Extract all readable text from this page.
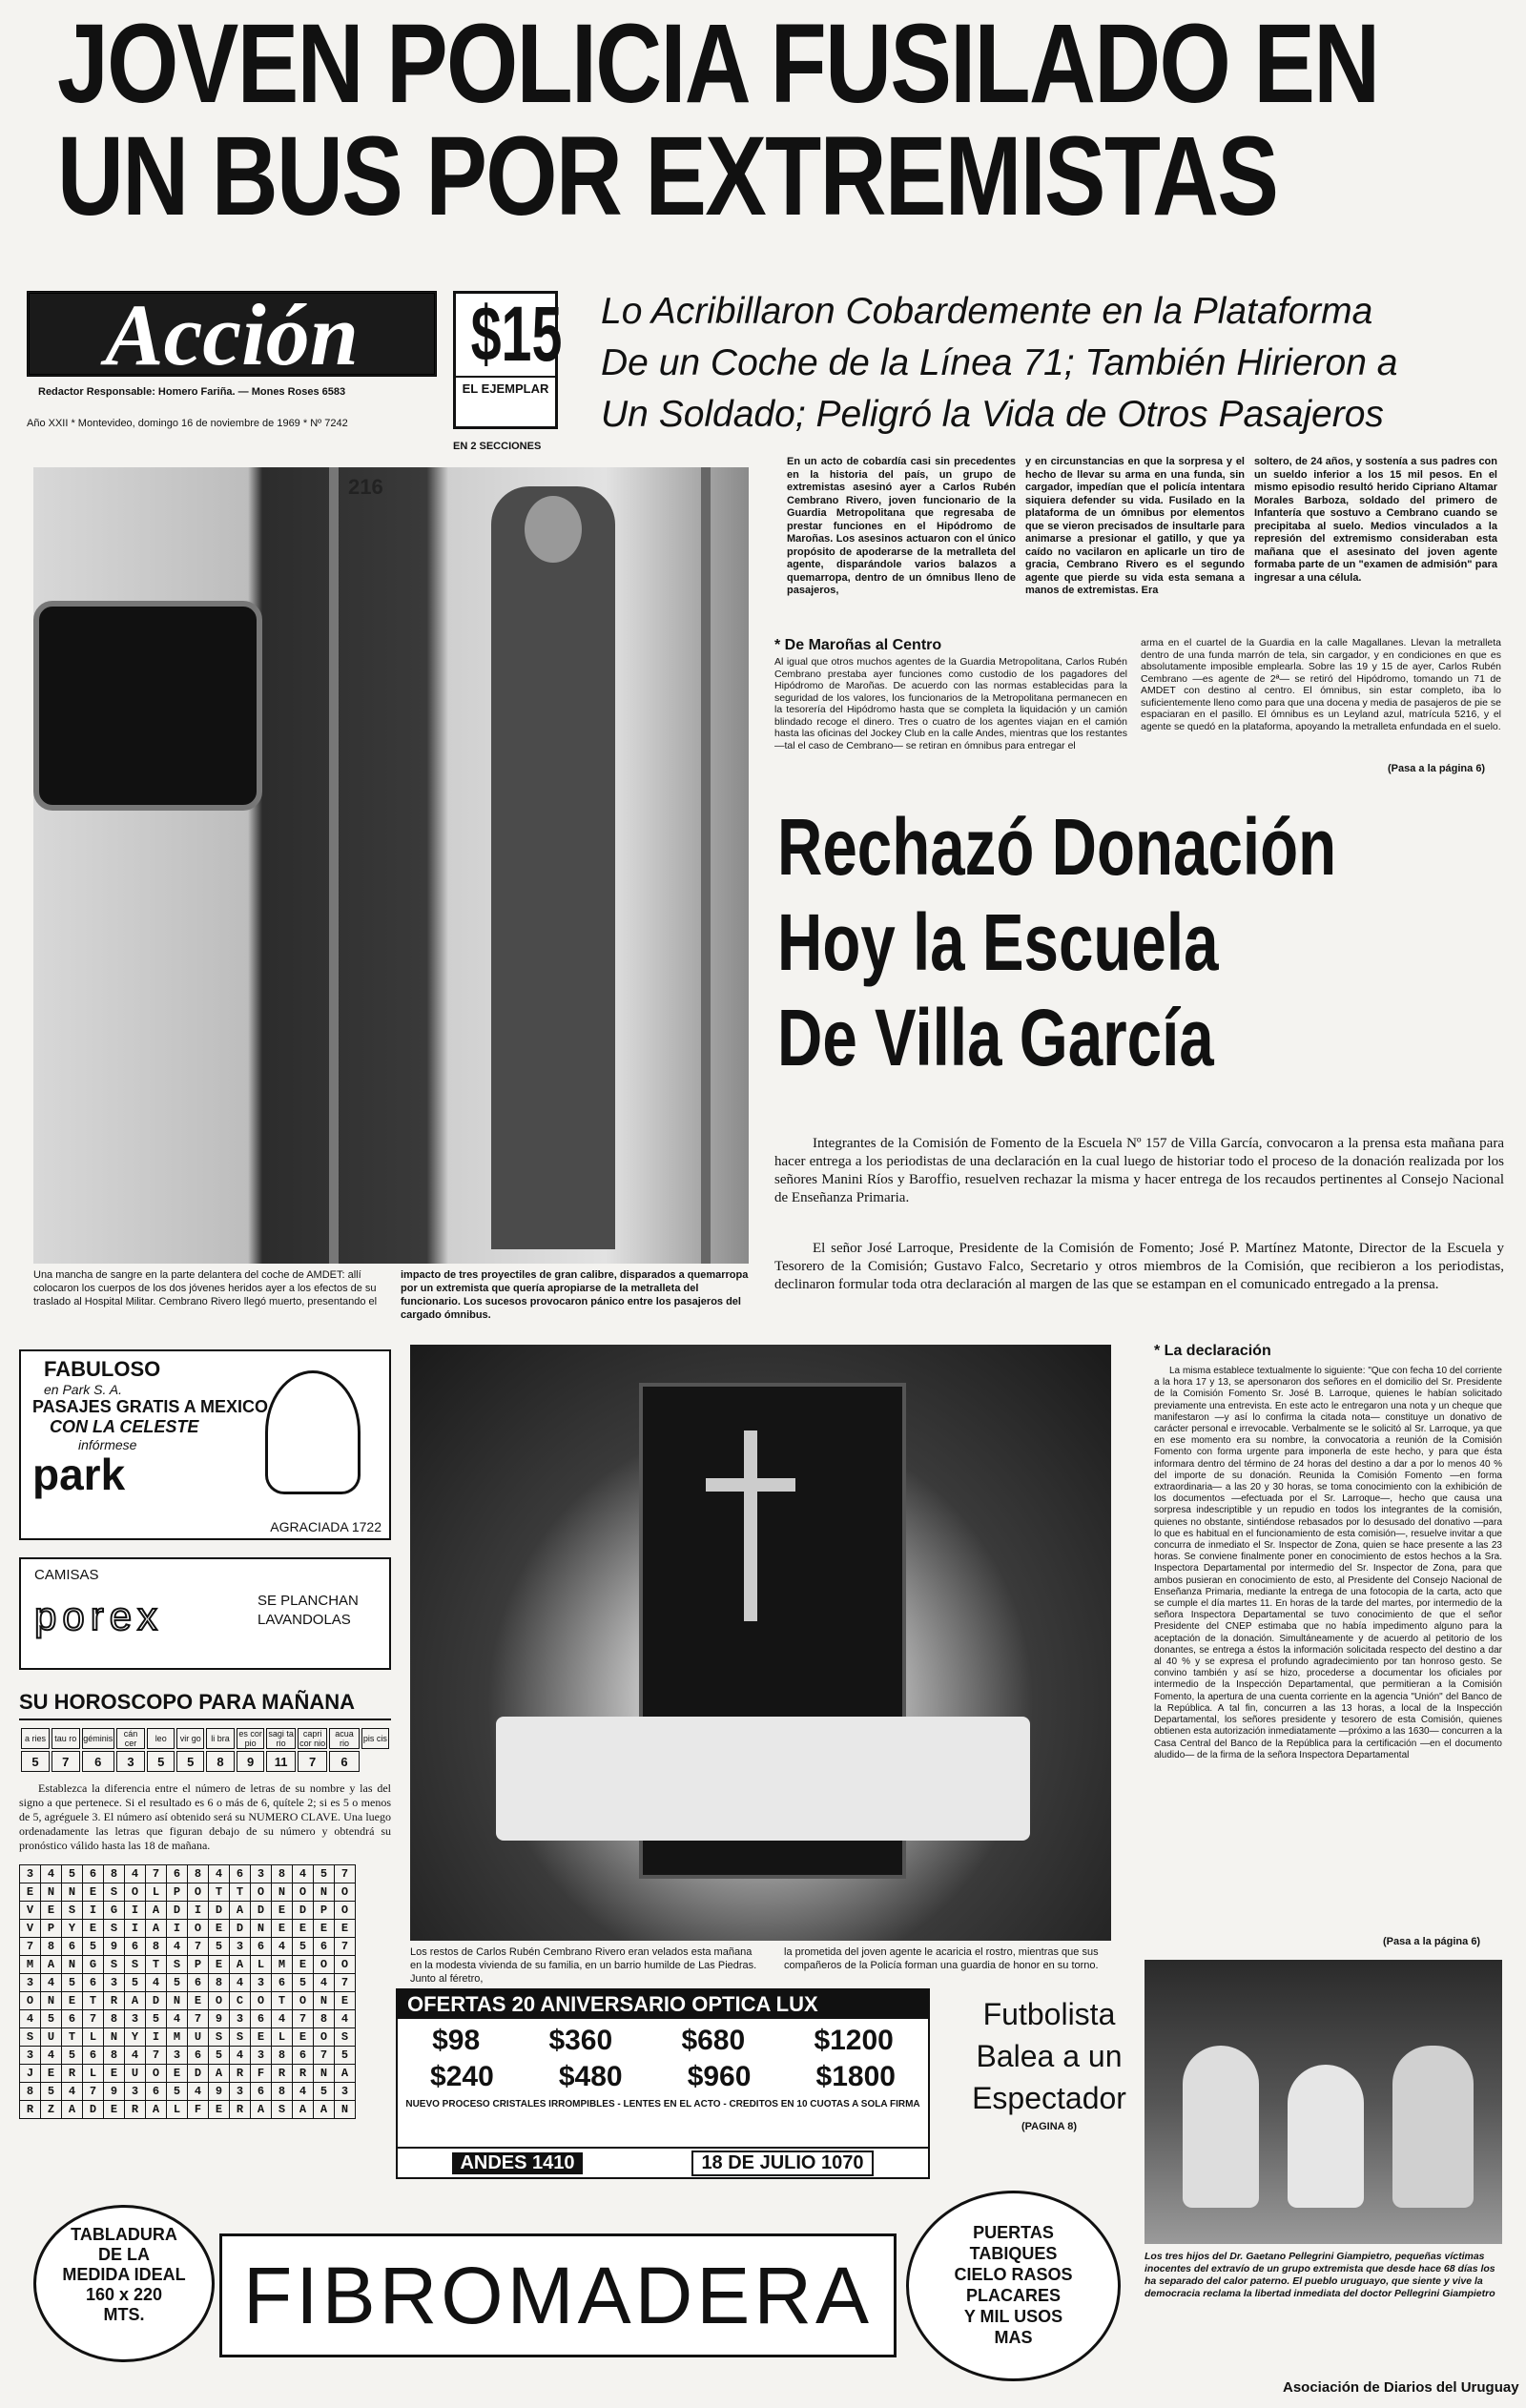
JOVEN POLICIA FUSILADO EN
UN BUS POR EXTREMISTAS
Acción
Redactor Responsable: Homero Fariña. — Mones Roses 6583
Año XXII * Montevideo, domingo 16 de noviembre de 1969 * Nº 7242
$15
EL EJEMPLAR
EN 2 SECCIONES
Lo Acribillaron Cobardemente en la Plataforma
De un Coche de la Línea 71; También Hirieron a
Un Soldado; Peligró la Vida de Otros Pasajeros
216
En un acto de cobardía casi sin precedentes en la historia del país, un grupo de extremistas asesinó ayer a Carlos Rubén Cembrano Rivero, joven funcionario de la Guardia Metropolitana que regresaba de prestar funciones en el Hipódromo de Maroñas. Los asesinos actuaron con el único propósito de apoderarse de la metralleta del agente, disparándole varios balazos a quemarropa, dentro de un ómnibus lleno de pasajeros,
y en circunstancias en que la sorpresa y el hecho de llevar su arma en una funda, sin cargador, impedían que el policía intentara siquiera defender su vida. Fusilado en la plataforma de un ómnibus por elementos que se vieron precisados de insultarle para animarse a presionar el gatillo, y que ya caído no vacilaron en aplicarle un tiro de gracia, Cembrano Rivero es el segundo agente que pierde su vida esta semana a manos de extremistas. Era
soltero, de 24 años, y sostenía a sus padres con un sueldo inferior a los 15 mil pesos. En el mismo episodio resultó herido Cipriano Altamar Morales Barboza, soldado del primero de Infantería que sostuvo a Cembrano cuando se precipitaba al suelo. Medios vinculados a la represión del extremismo consideraban esta mañana que el asesinato del joven agente formaba parte de un "examen de admisión" para ingresar a una célula.
* De Maroñas al Centro
Al igual que otros muchos agentes de la Guardia Metropolitana, Carlos Rubén Cembrano prestaba ayer funciones como custodio de los pagadores del Hipódromo de Maroñas. De acuerdo con las normas establecidas para la seguridad de los valores, los funcionarios de la Metropolitana permanecen en la tesorería del Hipódromo hasta que se completa la liquidación y un camión blindado recoge el dinero. Tres o cuatro de los agentes viajan en el camión hasta las oficinas del Jockey Club en la calle Andes, mientras que los restantes —tal el caso de Cembrano— se retiran en ómnibus para entregar el
arma en el cuartel de la Guardia en la calle Magallanes. Llevan la metralleta dentro de una funda marrón de tela, sin cargador, y en condiciones en que es absolutamente imposible emplearla. Sobre las 19 y 15 de ayer, Carlos Rubén Cembrano —es agente de 2ª— se retiró del Hipódromo, tomando un 71 de AMDET con destino al centro. El ómnibus, sin estar completo, iba lo suficientemente lleno como para que una docena y media de pasajeros de pie se espaciaran en el pasillo. El ómnibus es un Leyland azul, matrícula 5216, y el agente se quedó en la plataforma, apoyando la metralleta enfundada en el suelo.
(Pasa a la página 6)
Rechazó Donación
Hoy la Escuela
De Villa García
Integrantes de la Comisión de Fomento de la Escuela Nº 157 de Villa García, convocaron a la prensa esta mañana para hacer entrega a los periodistas de una declaración en la cual luego de historiar todo el proceso de la donación realizada por los señores Manini Ríos y Baroffio, resuelven rechazar la misma y hacer entrega de los recaudos pertinentes al Consejo Nacional de Enseñanza Primaria.
El señor José Larroque, Presidente de la Comisión de Fomento; José P. Martínez Matonte, Director de la Escuela y Tesorero de la Comisión; Gustavo Falco, Secretario y otros miembros de la Comisión, que recibieron a los periodistas, declinaron formular toda otra declaración al margen de las que se estampan en el comunicado entregado a la prensa.
Una mancha de sangre en la parte delantera del coche de AMDET: allí colocaron los cuerpos de los dos jóvenes heridos ayer a los efectos de su traslado al Hospital Militar. Cembrano Rivero llegó muerto, presentando el
impacto de tres proyectiles de gran calibre, disparados a quemarropa por un extremista que quería apropiarse de la metralleta del funcionario. Los sucesos provocaron pánico entre los pasajeros del cargado ómnibus.
FABULOSO
en Park S. A.
PASAJES GRATIS A MEXICO
CON LA CELESTE
infórmese
park
AGRACIADA 1722
CAMISAS
porex	SE PLANCHAN
LAVANDOLAS
SU HOROSCOPO PARA MAÑANA
a ries	tau ro	géminis	cán cer	leo	vir go	li bra	es cor pio	sagi ta rio	capri cor nio	acua rio	pis cis
5	7	6	3	5	5	8	9	11	7	6	
Establezca la diferencia entre el número de letras de su nombre y las del signo a que pertenece. Si el resultado es 6 o más de 6, quítele 2; si es 5 o menos de 5, agréguele 3. El número así obtenido será su NUMERO CLAVE. Una luego ordenadamente las letras que figuran debajo de su número y obtendrá su pronóstico válido hasta las 18 de mañana.
3	4	5	6	8	4	7	6	8	4	6	3	8	4	5	7
E	N	N	E	S	O	L	P	O	T	T	O	N	O	N	O
V	E	S	I	G	I	A	D	I	D	A	D	E	D	P	O
V	P	Y	E	S	I	A	I	O	E	D	N	E	E	E	E
7	8	6	5	9	6	8	4	7	5	3	6	4	5	6	7
M	A	N	G	S	S	T	S	P	E	A	L	M	E	O	O
3	4	5	6	3	5	4	5	6	8	4	3	6	5	4	7
O	N	E	T	R	A	D	N	E	O	C	O	T	O	N	E
4	5	6	7	8	3	5	4	7	9	3	6	4	7	8	4
S	U	T	L	N	Y	I	M	U	S	S	E	L	E	O	S
3	4	5	6	8	4	7	3	6	5	4	3	8	6	7	5
J	E	R	L	E	U	O	E	D	A	R	F	R	R	N	A
8	5	4	7	9	3	6	5	4	9	3	6	8	4	5	3
R	Z	A	D	E	R	A	L	F	E	R	A	S	A	A	N
Los restos de Carlos Rubén Cembrano Rivero eran velados esta mañana en la modesta vivienda de su familia, en un barrio humilde de Las Piedras. Junto al féretro,
la prometida del joven agente le acaricia el rostro, mientras que sus compañeros de la Policía forman una guardia de honor en su torno.
* La declaración
La misma establece textualmente lo siguiente: "Que con fecha 10 del corriente a la hora 17 y 13, se apersonaron dos señores en el domicilio del Sr. Presidente de la Comisión Fomento Sr. José B. Larroque, quienes le habían solicitado previamente una entrevista. En este acto le entregaron una nota y un cheque que manifestaron —y así lo confirma la citada nota— constituye un donativo de carácter personal e irrevocable. Verbalmente se le solicitó al Sr. Larroque, ya que en ese momento era su nombre, la convocatoria a reunión de la Comisión Fomento con forma urgente para imponerla de este hecho, y para que ésta informara dentro del término de 24 horas del destino a dar a por lo menos 40 % del importe de su donación. Reunida la Comisión Fomento —en forma extraordinaria— a las 20 y 30 horas, se toma conocimiento con la exhibición de los documentos —efectuada por el Sr. Larroque—, hecho que causa una sorpresa indescriptible y un repudio en todos los integrantes de la comisión, quienes no obstante, sintiéndose rebasados por lo desusado del donativo —para lo que es habitual en el funcionamiento de esta comisión—, resuelve invitar a que concurra de inmediato el Sr. Inspector de Zona, quien se hace presente a las 23 horas. Se conviene finalmente poner en conocimiento de estos hechos a la Sra. Inspectora Departamental por intermedio del Sr. Inspector de Zona, para que ambos pusieran en conocimiento de esto, al Presidente del Consejo Nacional de Enseñanza Primaria, mediante la entrega de una fotocopia de la carta, acto que se cumple el día martes 11. En horas de la tarde del martes, por intermedio de la señora Inspectora Departamental se tuvo conocimiento de que el señor Presidente del CNEP estimaba que no había impedimento alguno para la aceptación de la donación. Simultáneamente y de acuerdo al petitorio de los donantes, se entrega a éstos la información solicitada respecto del destino a dar al 40 % y se expresa el profundo agradecimiento por tan honroso gesto. Se convino también y así se hizo, procederse a documentar los oficiales por intermedio de la Inspección Departamental, que permitieran a la Comisión Fomento, la apertura de una cuenta corriente en la agencia "Unión" del Banco de la República. A tal fin, concurren a las 13 horas, a local de la Inspección Departamental, los señores presidente y tesorero de esta Comisión, quienes obtienen esta autorización inmediatamente —próximo a las 1630— concurren a la Casa Central del Banco de la República para la certificación —en el documento aludido— de la firma de la señora Inspectora Departamental
(Pasa a la página 6)
Los tres hijos del Dr. Gaetano Pellegrini Giampietro, pequeñas víctimas inocentes del extravío de un grupo extremista que desde hace 68 días los ha separado del calor paterno. El pueblo uruguayo, que siente y vive la democracia reclama la libertad inmediata del doctor Pellegrini Giampietro
Asociación de Diarios del Uruguay
OFERTAS 20 ANIVERSARIO OPTICA LUX
$98 $360 $680 $1200
$240 $480 $960 $1800
NUEVO PROCESO CRISTALES IRROMPIBLES - LENTES EN EL ACTO - CREDITOS EN 10 CUOTAS A SOLA FIRMA
ANDES 1410	18 DE JULIO 1070
Futbolista
Balea a un
Espectador
(PAGINA 8)
TABLADURA
DE LA
MEDIDA IDEAL
160 x 220
MTS.	FIBROMADERA
PUERTAS
TABIQUES
CIELO RASOS
PLACARES
Y MIL USOS
MAS
